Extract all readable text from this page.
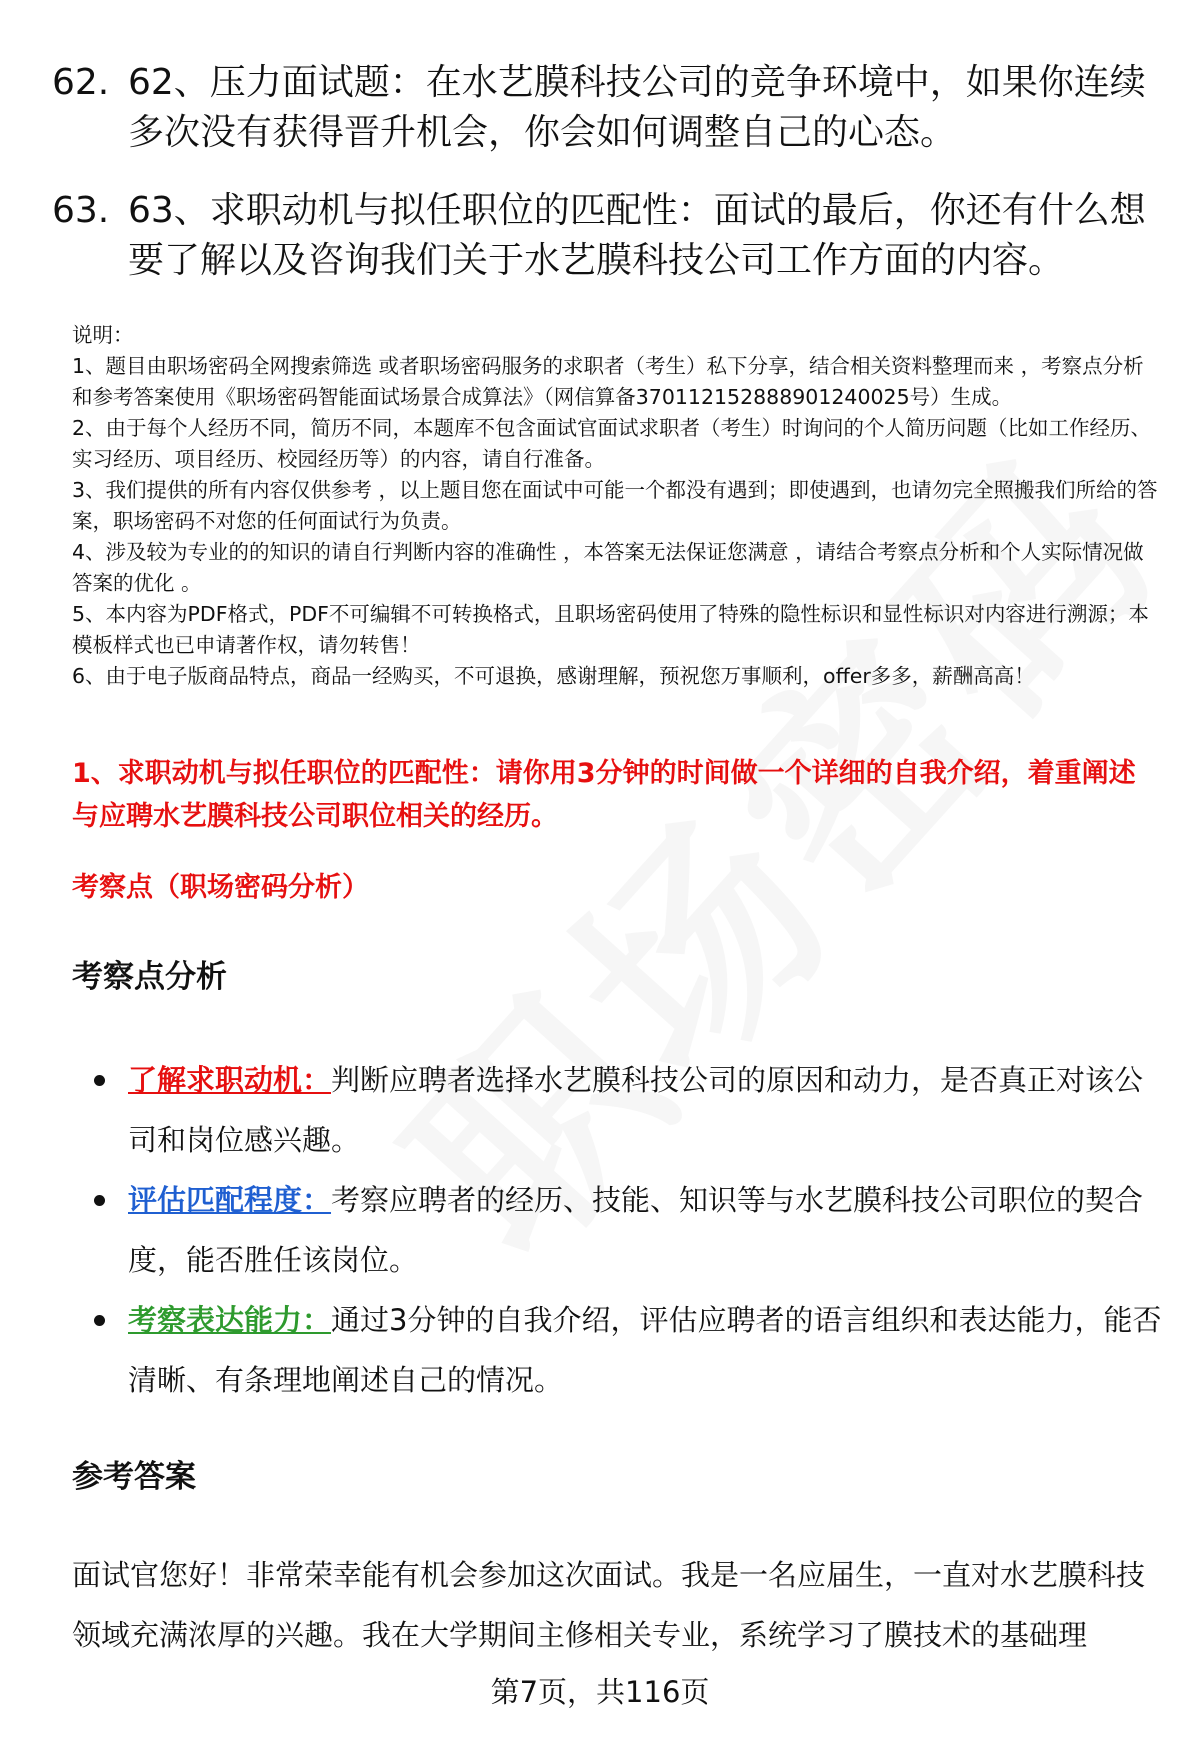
62. 62、压力面试题：在水艺膜科技公司的竞争环境中，如果你连续多次没有获得晋升机会，你会如何调整自己的心态。
63. 63、求职动机与拟任职位的匹配性：面试的最后，你还有什么想要了解以及咨询我们关于水艺膜科技公司工作方面的内容。

说明：

1、题目由职场密码全网搜索筛选 或者职场密码服务的求职者（考生）私下分享，结合相关资料整理而来 ，考察点分析和参考答案使用《职场密码智能面试场景合成算法》（网信算备370112152888901240025号）生成。

2、由于每个人经历不同，简历不同，本题库不包含面试官面试求职者（考生）时询问的个人简历问题（比如工作经历、实习经历、项目经历、校园经历等）的内容，请自行准备。

3、我们提供的所有内容仅供参考 ，以上题目您在面试中可能一个都没有遇到；即使遇到，也请勿完全照搬我们所给的答案，职场密码不对您的任何面试行为负责。

4、涉及较为专业的的知识的请自行判断内容的准确性 ，本答案无法保证您满意 ，请结合考察点分析和个人实际情况做答案的优化 。

5、本内容为PDF格式，PDF不可编辑不可转换格式，且职场密码使用了特殊的隐性标识和显性标识对内容进行溯源；本模板样式也已申请著作权，请勿转售！

6、由于电子版商品特点，商品一经购买，不可退换，感谢理解，预祝您万事顺利，offer多多，薪酬高高！

1、求职动机与拟任职位的匹配性：请你用3分钟的时间做一个详细的自我介绍，着重阐述与应聘水艺膜科技公司职位相关的经历。
考察点（职场密码分析）
考察点分析
了解求职动机：判断应聘者选择水艺膜科技公司的原因和动力，是否真正对该公司和岗位感兴趣。
评估匹配程度：考察应聘者的经历、技能、知识等与水艺膜科技公司职位的契合度，能否胜任该岗位。
考察表达能力：通过3分钟的自我介绍，评估应聘者的语言组织和表达能力，能否清晰、有条理地阐述自己的情况。
参考答案
面试官您好！非常荣幸能有机会参加这次面试。我是一名应届生，一直对水艺膜科技领域充满浓厚的兴趣。我在大学期间主修相关专业，系统学习了膜技术的基础理
第7页，共116页
